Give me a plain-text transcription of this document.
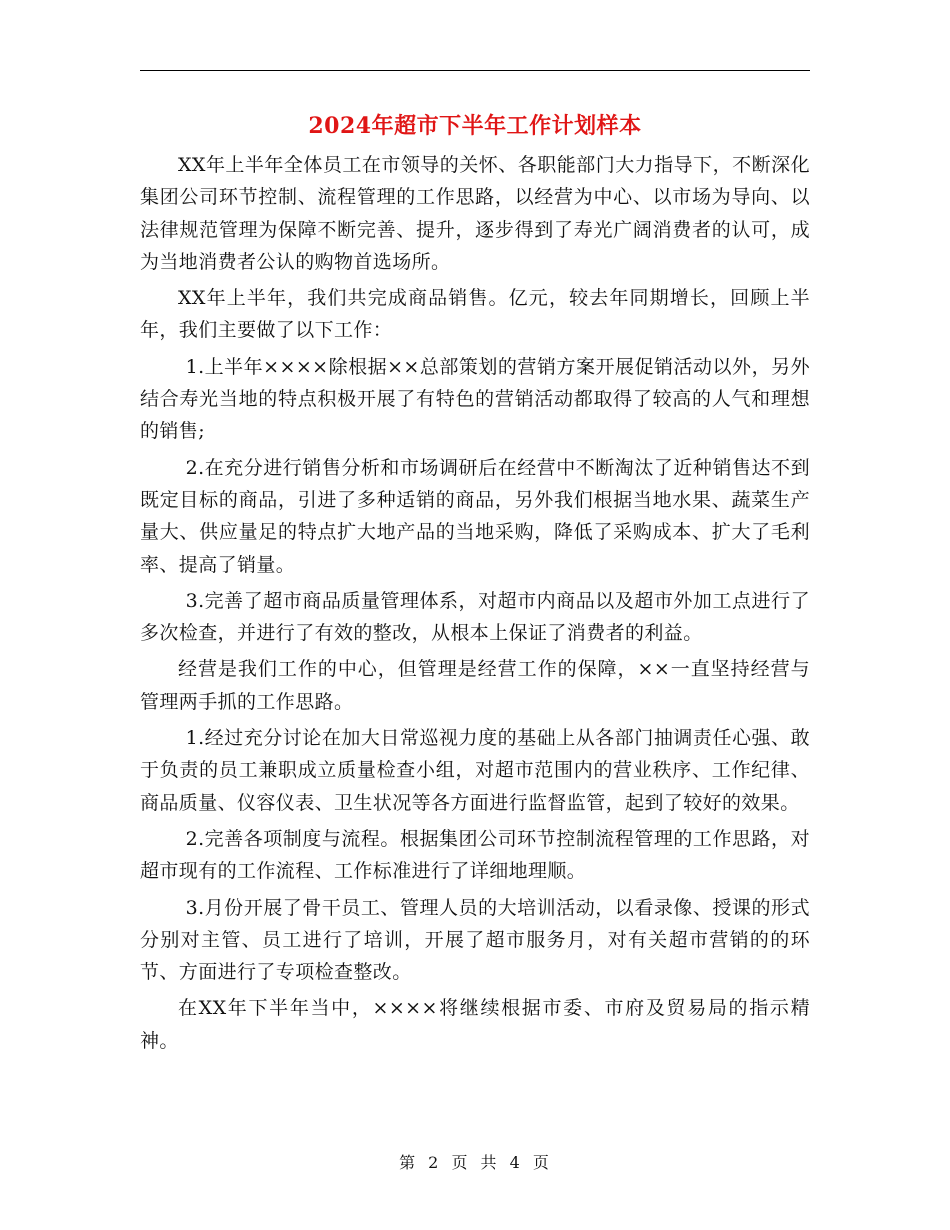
2024年超市下半年工作计划样本

XX年上半年全体员工在市领导的关怀、各职能部门大力指导下，不断深化集团公司环节控制、流程管理的工作思路，以经营为中心、以市场为导向、以法律规范管理为保障不断完善、提升，逐步得到了寿光广阔消费者的认可，成为当地消费者公认的购物首选场所。

XX年上半年，我们共完成商品销售。亿元，较去年同期增长，回顾上半年，我们主要做了以下工作：

1.上半年××××除根据××总部策划的营销方案开展促销活动以外，另外结合寿光当地的特点积极开展了有特色的营销活动都取得了较高的人气和理想的销售;

2.在充分进行销售分析和市场调研后在经营中不断淘汰了近种销售达不到既定目标的商品，引进了多种适销的商品，另外我们根据当地水果、蔬菜生产量大、供应量足的特点扩大地产品的当地采购，降低了采购成本、扩大了毛利率、提高了销量。

3.完善了超市商品质量管理体系，对超市内商品以及超市外加工点进行了多次检查，并进行了有效的整改，从根本上保证了消费者的利益。

经营是我们工作的中心，但管理是经营工作的保障，××一直坚持经营与管理两手抓的工作思路。

1.经过充分讨论在加大日常巡视力度的基础上从各部门抽调责任心强、敢于负责的员工兼职成立质量检查小组，对超市范围内的营业秩序、工作纪律、商品质量、仪容仪表、卫生状况等各方面进行监督监管，起到了较好的效果。

2.完善各项制度与流程。根据集团公司环节控制流程管理的工作思路，对超市现有的工作流程、工作标准进行了详细地理顺。

3.月份开展了骨干员工、管理人员的大培训活动，以看录像、授课的形式分别对主管、员工进行了培训，开展了超市服务月，对有关超市营销的的环节、方面进行了专项检查整改。

在XX年下半年当中，××××将继续根据市委、市府及贸易局的指示精神。

第 2 页 共 4 页
